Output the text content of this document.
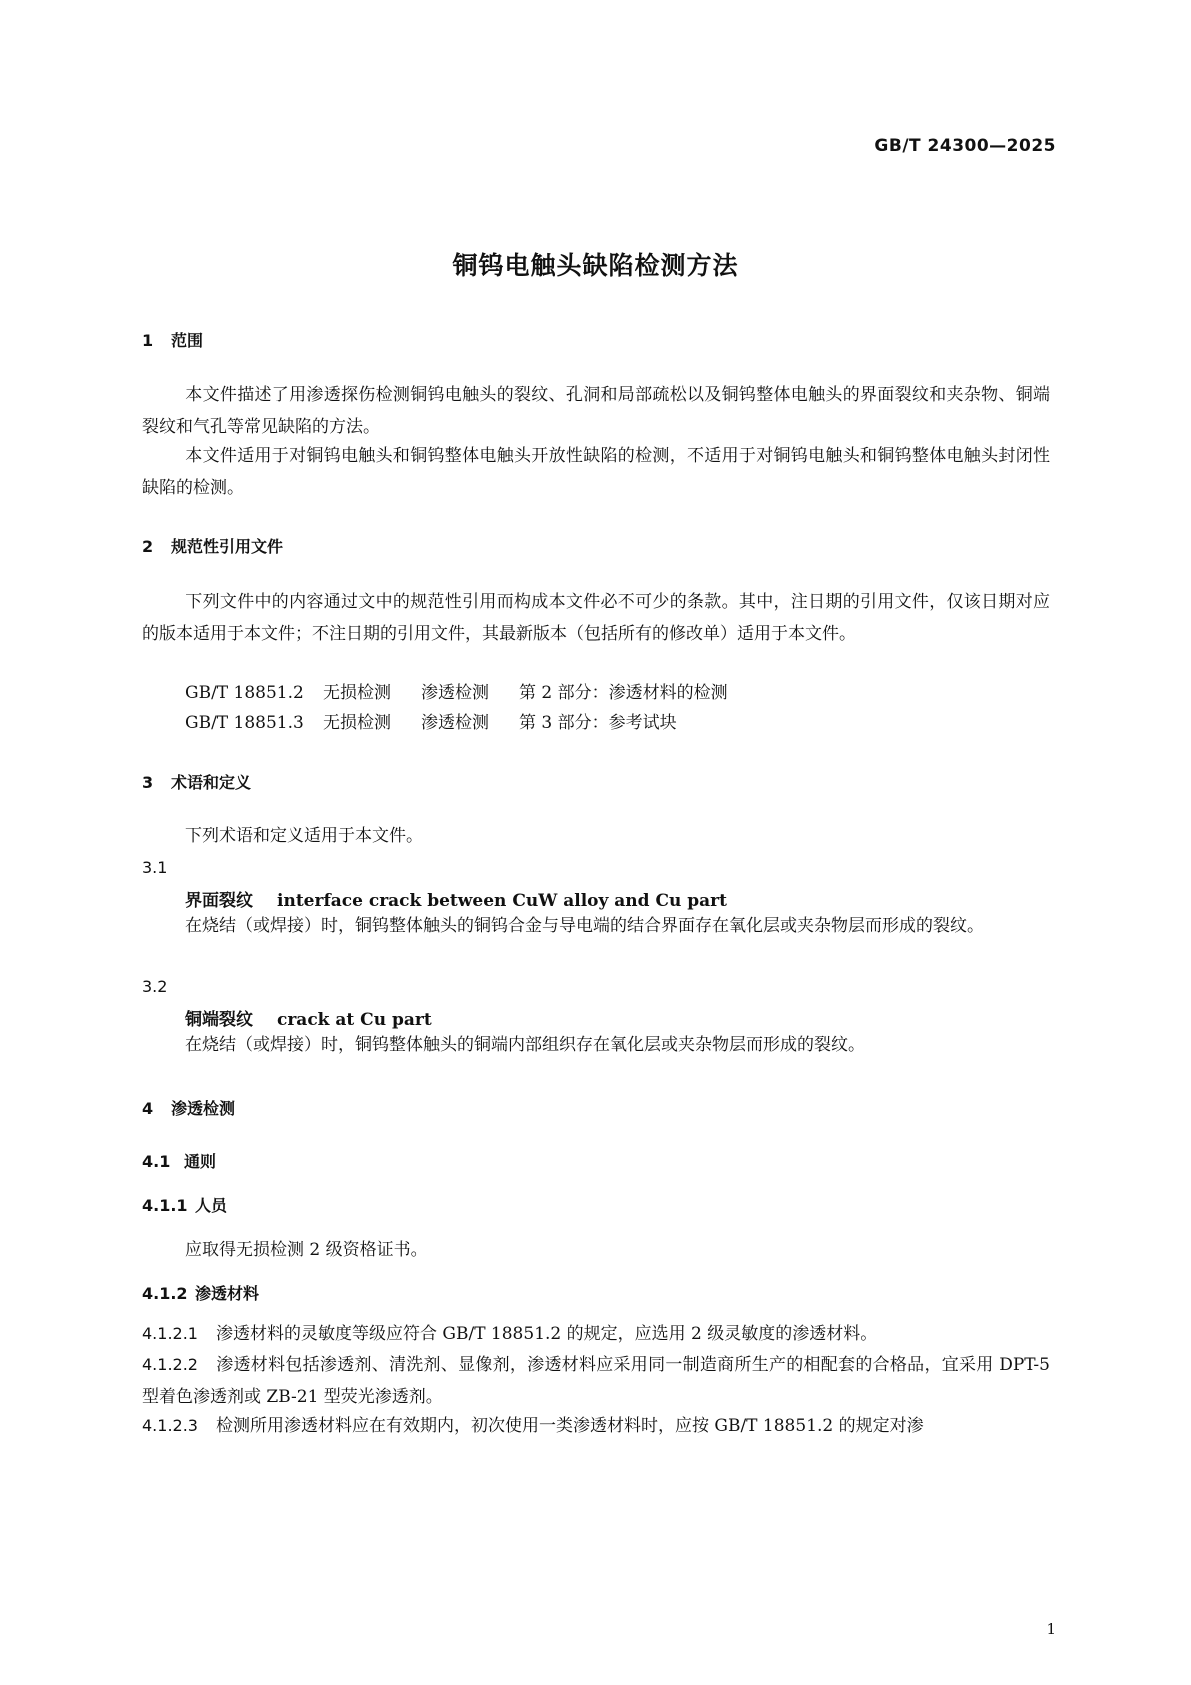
GB/T 24300—2025
铜钨电触头缺陷检测方法
1 范围
本文件描述了用渗透探伤检测铜钨电触头的裂纹、孔洞和局部疏松以及铜钨整体电触头的界面裂纹和夹杂物、铜端裂纹和气孔等常见缺陷的方法。
本文件适用于对铜钨电触头和铜钨整体电触头开放性缺陷的检测，不适用于对铜钨电触头和铜钨整体电触头封闭性缺陷的检测。
2 规范性引用文件
下列文件中的内容通过文中的规范性引用而构成本文件必不可少的条款。其中，注日期的引用文件，仅该日期对应的版本适用于本文件；不注日期的引用文件，其最新版本（包括所有的修改单）适用于本文件。
GB/T 18851.2 无损检测 渗透检测 第 2 部分：渗透材料的检测
GB/T 18851.3 无损检测 渗透检测 第 3 部分：参考试块
3 术语和定义
下列术语和定义适用于本文件。
3.1
界面裂纹 interface crack between CuW alloy and Cu part
在烧结（或焊接）时，铜钨整体触头的铜钨合金与导电端的结合界面存在氧化层或夹杂物层而形成的裂纹。
3.2
铜端裂纹 crack at Cu part
在烧结（或焊接）时，铜钨整体触头的铜端内部组织存在氧化层或夹杂物层而形成的裂纹。
4 渗透检测
4.1 通则
4.1.1 人员
应取得无损检测 2 级资格证书。
4.1.2 渗透材料
4.1.2.1 渗透材料的灵敏度等级应符合 GB/T 18851.2 的规定，应选用 2 级灵敏度的渗透材料。
4.1.2.2 渗透材料包括渗透剂、清洗剂、显像剂，渗透材料应采用同一制造商所生产的相配套的合格品，宜采用 DPT-5 型着色渗透剂或 ZB-21 型荧光渗透剂。
4.1.2.3 检测所用渗透材料应在有效期内，初次使用一类渗透材料时，应按 GB/T 18851.2 的规定对渗
1
